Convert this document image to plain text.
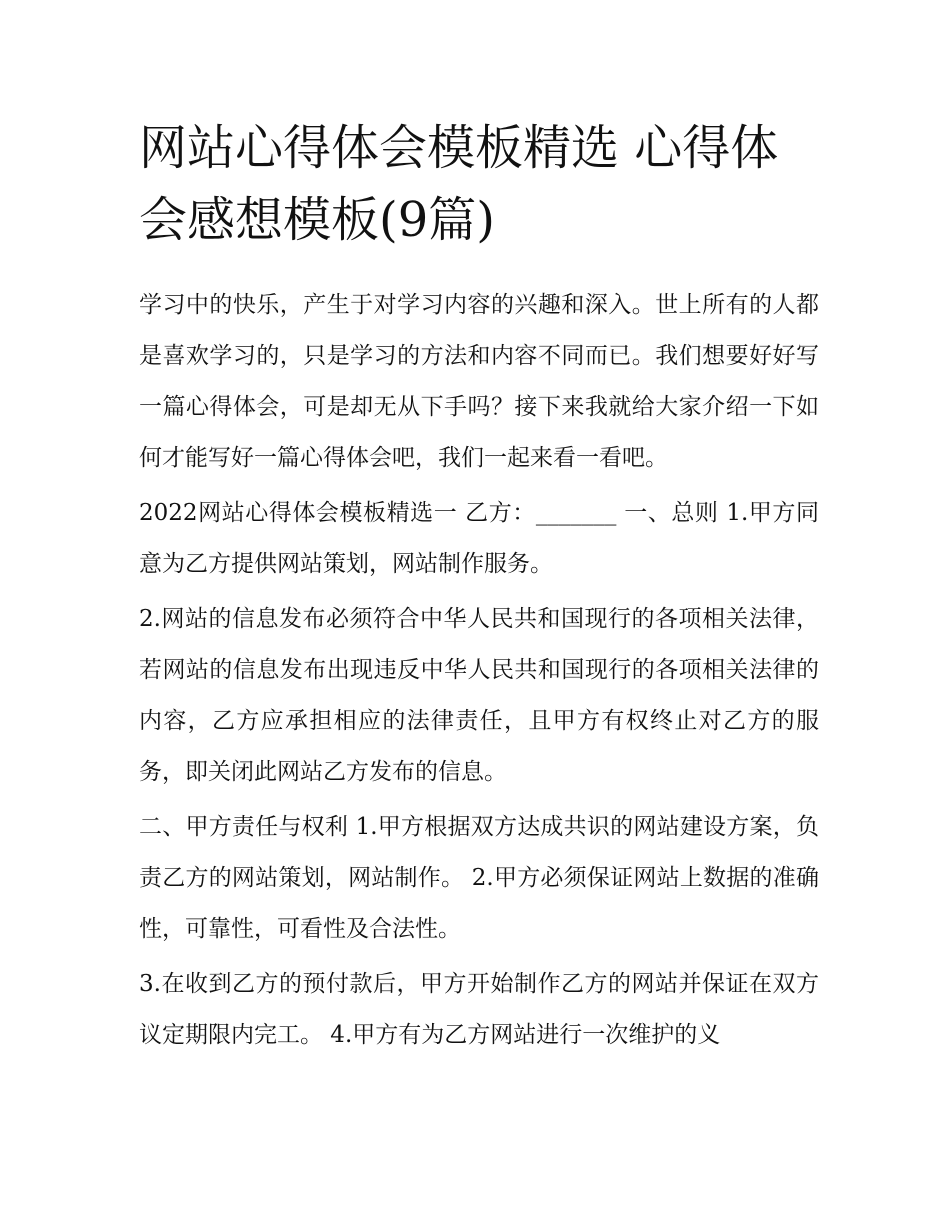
网站心得体会模板精选 心得体会感想模板(9篇)

学习中的快乐，产生于对学习内容的兴趣和深入。世上所有的人都是喜欢学习的，只是学习的方法和内容不同而已。我们想要好好写一篇心得体会，可是却无从下手吗？接下来我就给大家介绍一下如何才能写好一篇心得体会吧，我们一起来看一看吧。

2022网站心得体会模板精选一 乙方：_______ 一、总则 1.甲方同意为乙方提供网站策划，网站制作服务。

2.网站的信息发布必须符合中华人民共和国现行的各项相关法律，若网站的信息发布出现违反中华人民共和国现行的各项相关法律的内容，乙方应承担相应的法律责任，且甲方有权终止对乙方的服务，即关闭此网站乙方发布的信息。

二、甲方责任与权利 1.甲方根据双方达成共识的网站建设方案，负责乙方的网站策划，网站制作。 2.甲方必须保证网站上数据的准确性，可靠性，可看性及合法性。

3.在收到乙方的预付款后，甲方开始制作乙方的网站并保证在双方议定期限内完工。 4.甲方有为乙方网站进行一次维护的义
